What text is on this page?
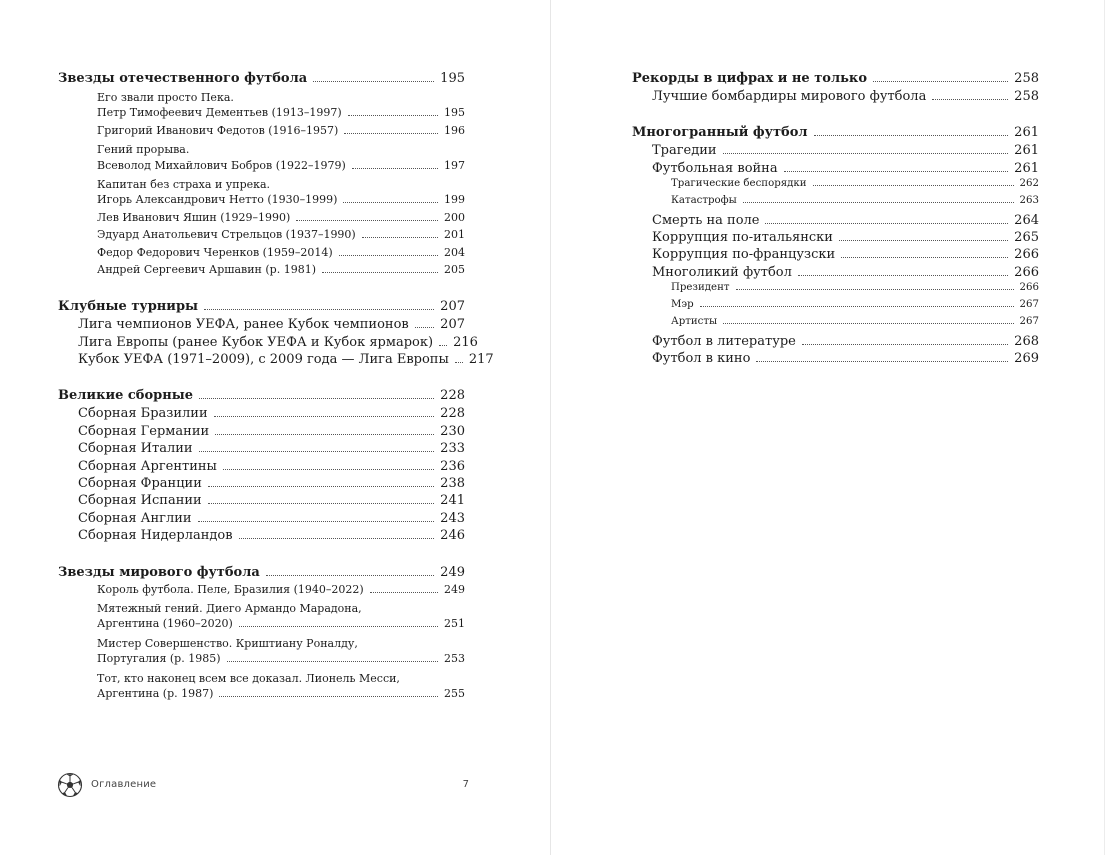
Звезды отечественного футбола	195
Его звали просто Пека.
Петр Тимофеевич Дементьев (1913–1997)	195
Григорий Иванович Федотов (1916–1957)	196
Гений прорыва.
Всеволод Михайлович Бобров (1922–1979)	197
Капитан без страха и упрека.
Игорь Александрович Нетто (1930–1999)	199
Лев Иванович Яшин (1929–1990)	200
Эдуард Анатольевич Стрельцов (1937–1990)	201
Федор Федорович Черенков (1959–2014)	204
Андрей Сергеевич Аршавин (р. 1981)	205
Клубные турниры	207
Лига чемпионов УЕФА, ранее Кубок чемпионов	207
Лига Европы (ранее Кубок УЕФА и Кубок ярмарок)	216
Кубок УЕФА (1971–2009), с 2009 года — Лига Европы	217
Великие сборные	228
Сборная Бразилии	228
Сборная Германии	230
Сборная Италии	233
Сборная Аргентины	236
Сборная Франции	238
Сборная Испании	241
Сборная Англии	243
Сборная Нидерландов	246
Звезды мирового футбола	249
Король футбола. Пеле, Бразилия (1940–2022)	249
Мятежный гений. Диего Армандо Марадона,
Аргентина (1960–2020)	251
Мистер Совершенство. Криштиану Роналду,
Португалия (р. 1985)	253
Тот, кто наконец всем все доказал. Лионель Месси,
Аргентина (р. 1987)	255
Рекорды в цифрах и не только	258
Лучшие бомбардиры мирового футбола	258
Многогранный футбол	261
Трагедии	261
Футбольная война	261
Трагические беспорядки	262
Катастрофы	263
Смерть на поле	264
Коррупция по-итальянски	265
Коррупция по-французски	266
Многоликий футбол	266
Президент	266
Мэр	267
Артисты	267
Футбол в литературе	268
Футбол в кино	269
Оглавление	7
